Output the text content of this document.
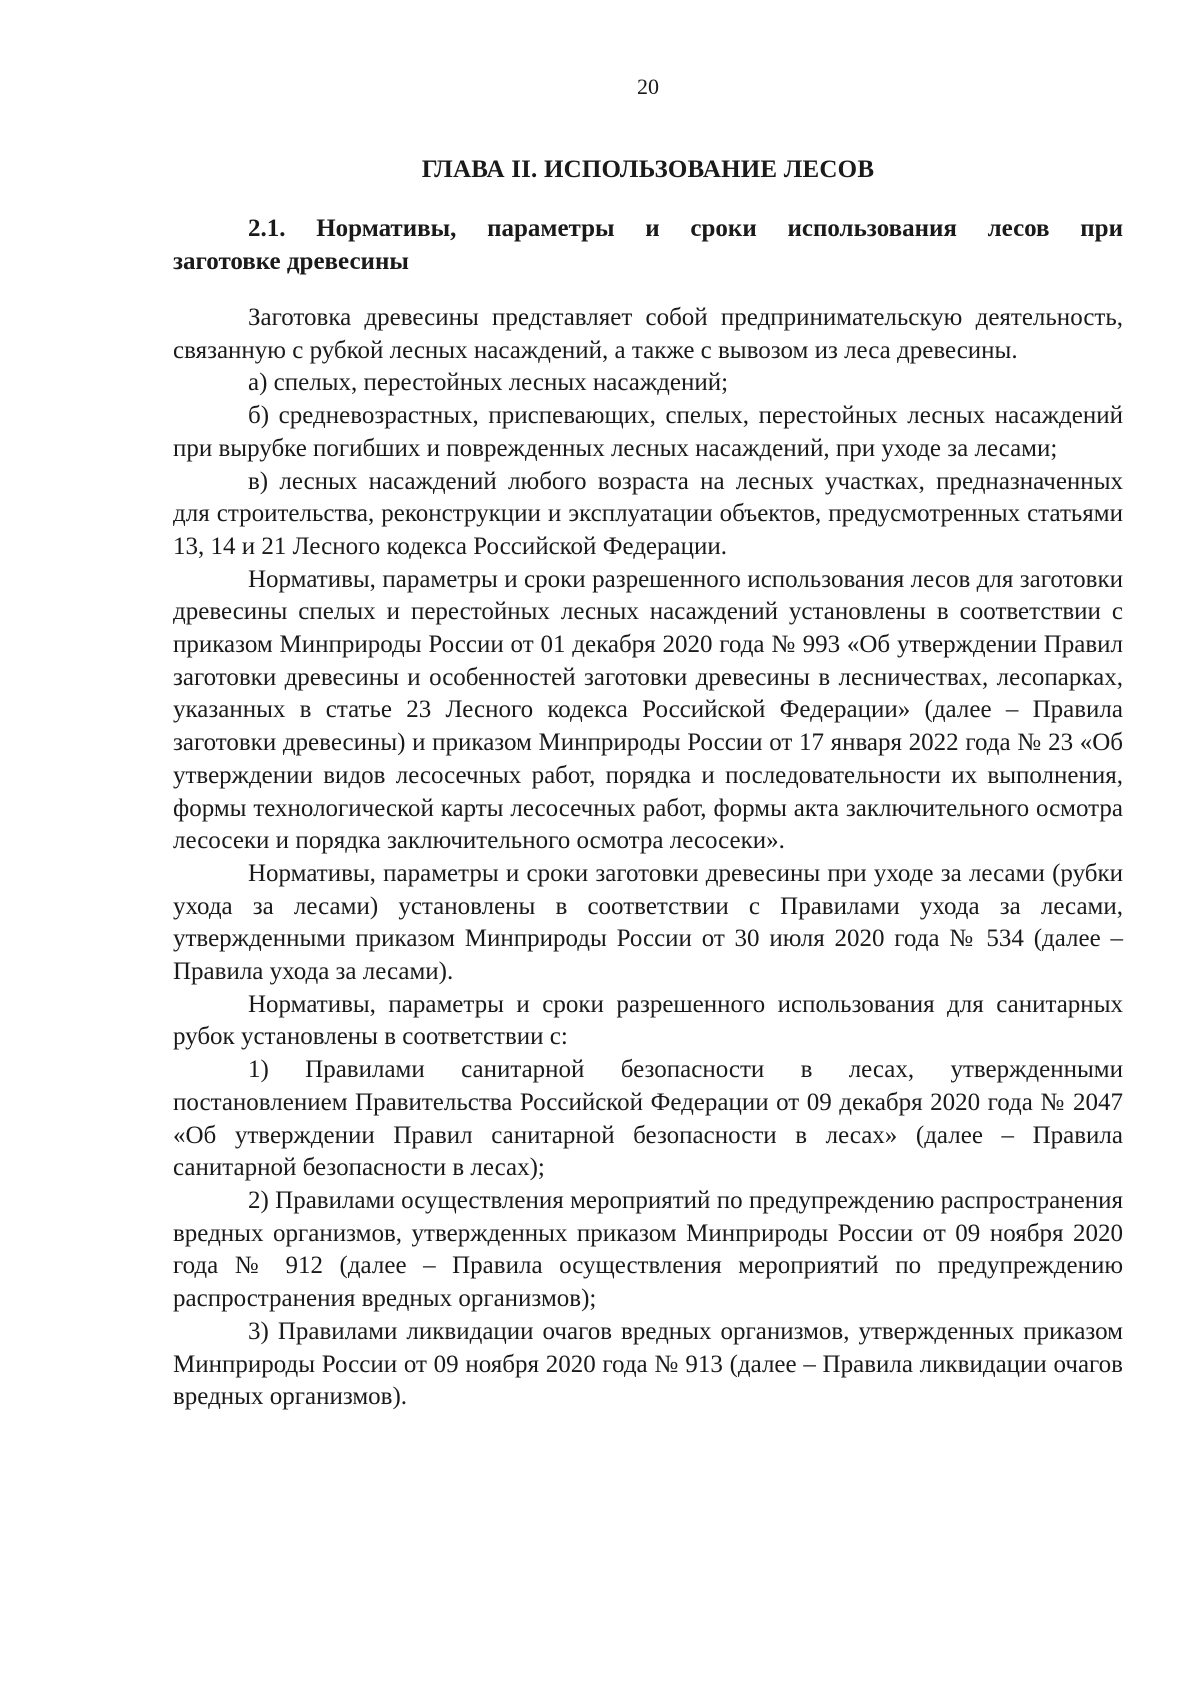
20
ГЛАВА II. ИСПОЛЬЗОВАНИЕ ЛЕСОВ
2.1. Нормативы, параметры и сроки использования лесов при
заготовке древесины

Заготовка древесины представляет собой предпринимательскую деятельность, связанную с рубкой лесных насаждений, а также с вывозом из леса древесины.

а) спелых, перестойных лесных насаждений;

б) средневозрастных, приспевающих, спелых, перестойных лесных насаждений при вырубке погибших и поврежденных лесных насаждений, при уходе за лесами;

в) лесных насаждений любого возраста на лесных участках, предназначенных для строительства, реконструкции и эксплуатации объектов, предусмотренных статьями 13, 14 и 21 Лесного кодекса Российской Федерации.

Нормативы, параметры и сроки разрешенного использования лесов для заготовки древесины спелых и перестойных лесных насаждений установлены в соответствии с приказом Минприроды России от 01 декабря 2020 года № 993 «Об утверждении Правил заготовки древесины и особенностей заготовки древесины в лесничествах, лесопарках, указанных в статье 23 Лесного кодекса Российской Федерации» (далее – Правила заготовки древесины) и приказом Минприроды России от 17 января 2022 года № 23 «Об утверждении видов лесосечных работ, порядка и последовательности их выполнения, формы технологической карты лесосечных работ, формы акта заключительного осмотра лесосеки и порядка заключительного осмотра лесосеки».

Нормативы, параметры и сроки заготовки древесины при уходе за лесами (рубки ухода за лесами) установлены в соответствии с Правилами ухода за лесами, утвержденными приказом Минприроды России от 30 июля 2020 года № 534 (далее – Правила ухода за лесами).

Нормативы, параметры и сроки разрешенного использования для санитарных рубок установлены в соответствии с:

1) Правилами санитарной безопасности в лесах, утвержденными постановлением Правительства Российской Федерации от 09 декабря 2020 года № 2047 «Об утверждении Правил санитарной безопасности в лесах» (далее – Правила санитарной безопасности в лесах);

2) Правилами осуществления мероприятий по предупреждению распространения вредных организмов, утвержденных приказом Минприроды России от 09 ноября 2020 года № 912 (далее – Правила осуществления мероприятий по предупреждению распространения вредных организмов);

3) Правилами ликвидации очагов вредных организмов, утвержденных приказом Минприроды России от 09 ноября 2020 года № 913 (далее – Правила ликвидации очагов вредных организмов).
